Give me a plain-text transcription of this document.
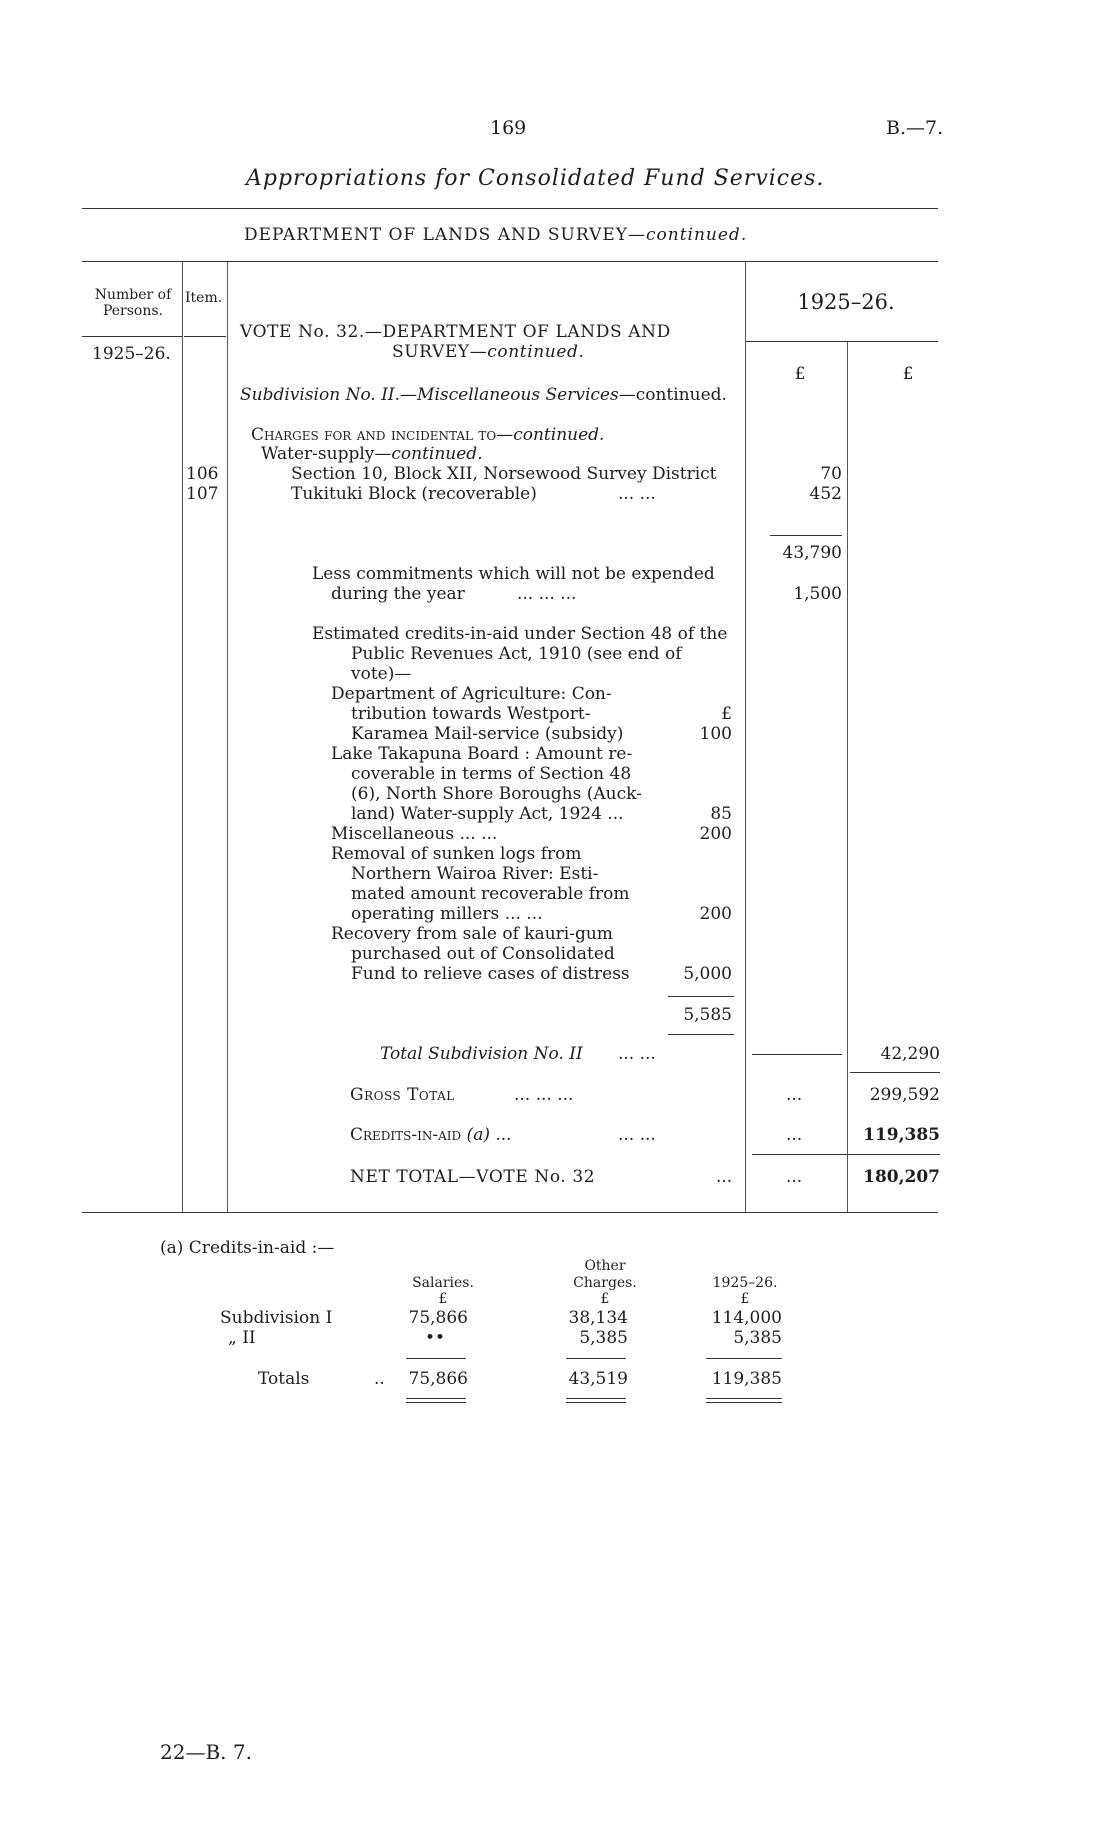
169	B.—7.
Appropriations for Consolidated Fund Services.
DEPARTMENT OF LANDS AND SURVEY—continued.
Number of Persons.
Item.	1925–26.
1925–26.
£	£
VOTE No. 32.—DEPARTMENT OF LANDS AND
SURVEY—continued.
Subdivision No. II.—Miscellaneous Services—continued.
Charges for and incidental to—continued.
Water-supply—continued.
106	Section 10, Block XII, Norsewood Survey District	70
107	Tukituki Block (recoverable)	... ...	452
43,790
Less commitments which will not be expended
during the year	... ... ...	1,500
Estimated credits-in-aid under Section 48 of the
Public Revenues Act, 1910 (see end of
vote)—
Department of Agriculture: Con-
tribution towards Westport-	£
Karamea Mail-service (subsidy)	100
Lake Takapuna Board : Amount re-
coverable in terms of Section 48
(6), North Shore Boroughs (Auck-
land) Water-supply Act, 1924 ...	85
Miscellaneous ... ...	200
Removal of sunken logs from
Northern Wairoa River: Esti-
mated amount recoverable from
operating millers ... ...	200
Recovery from sale of kauri-gum
purchased out of Consolidated
Fund to relieve cases of distress	5,000
5,585
Total Subdivision No. II ... ...	42,290
Gross Total	... ... ...	...	299,592
Credits-in-aid (a) ...	... ...	...	119,385
NET TOTAL—VOTE No. 32	...	...	180,207
(a) Credits-in-aid :—
Other
Salaries.	Charges.	1925–26.
£	£	£
Subdivision I	75,866	38,134	114,000
„ II	••	5,385	5,385
Totals	..	75,866	43,519	119,385
22—B. 7.
